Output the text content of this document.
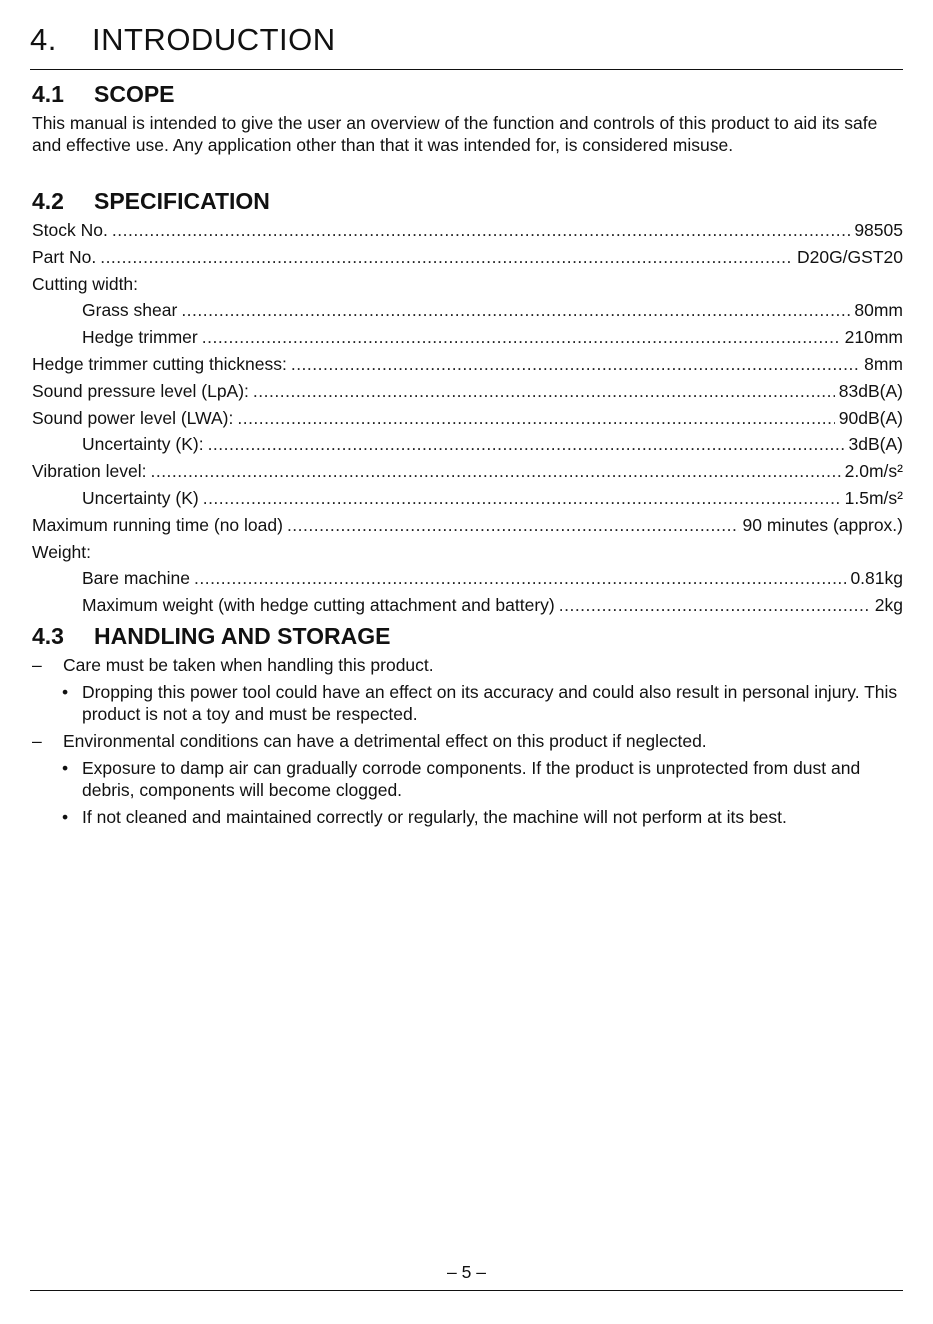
4. INTRODUCTION
4.1 SCOPE

This manual is intended to give the user an overview of the function and controls of this product to aid its safe and effective use. Any application other than that it was intended for, is considered misuse.

4.2 SPECIFICATION
Stock No. .....	98505
Part No. .....	D20G/GST20
Cutting width:
Grass shear .....	80mm
Hedge trimmer .....	210mm
Hedge trimmer cutting thickness: .....	8mm
Sound pressure level (LpA): .....	83dB(A)
Sound power level (LWA): .....	90dB(A)
Uncertainty (K): .....	3dB(A)
Vibration level: .....	2.0m/s²
Uncertainty (K) .....	1.5m/s²
Maximum running time (no load) .....	90 minutes (approx.)
Weight:
Bare machine .....	0.81kg
Maximum weight (with hedge cutting attachment and battery) .....	2kg
4.3 HANDLING AND STORAGE
– Care must be taken when handling this product.
• Dropping this power tool could have an effect on its accuracy and could also result in personal injury. This product is not a toy and must be respected.
– Environmental conditions can have a detrimental effect on this product if neglected.
• Exposure to damp air can gradually corrode components. If the product is unprotected from dust and debris, components will become clogged.
• If not cleaned and maintained correctly or regularly, the machine will not perform at its best.
– 5 –
